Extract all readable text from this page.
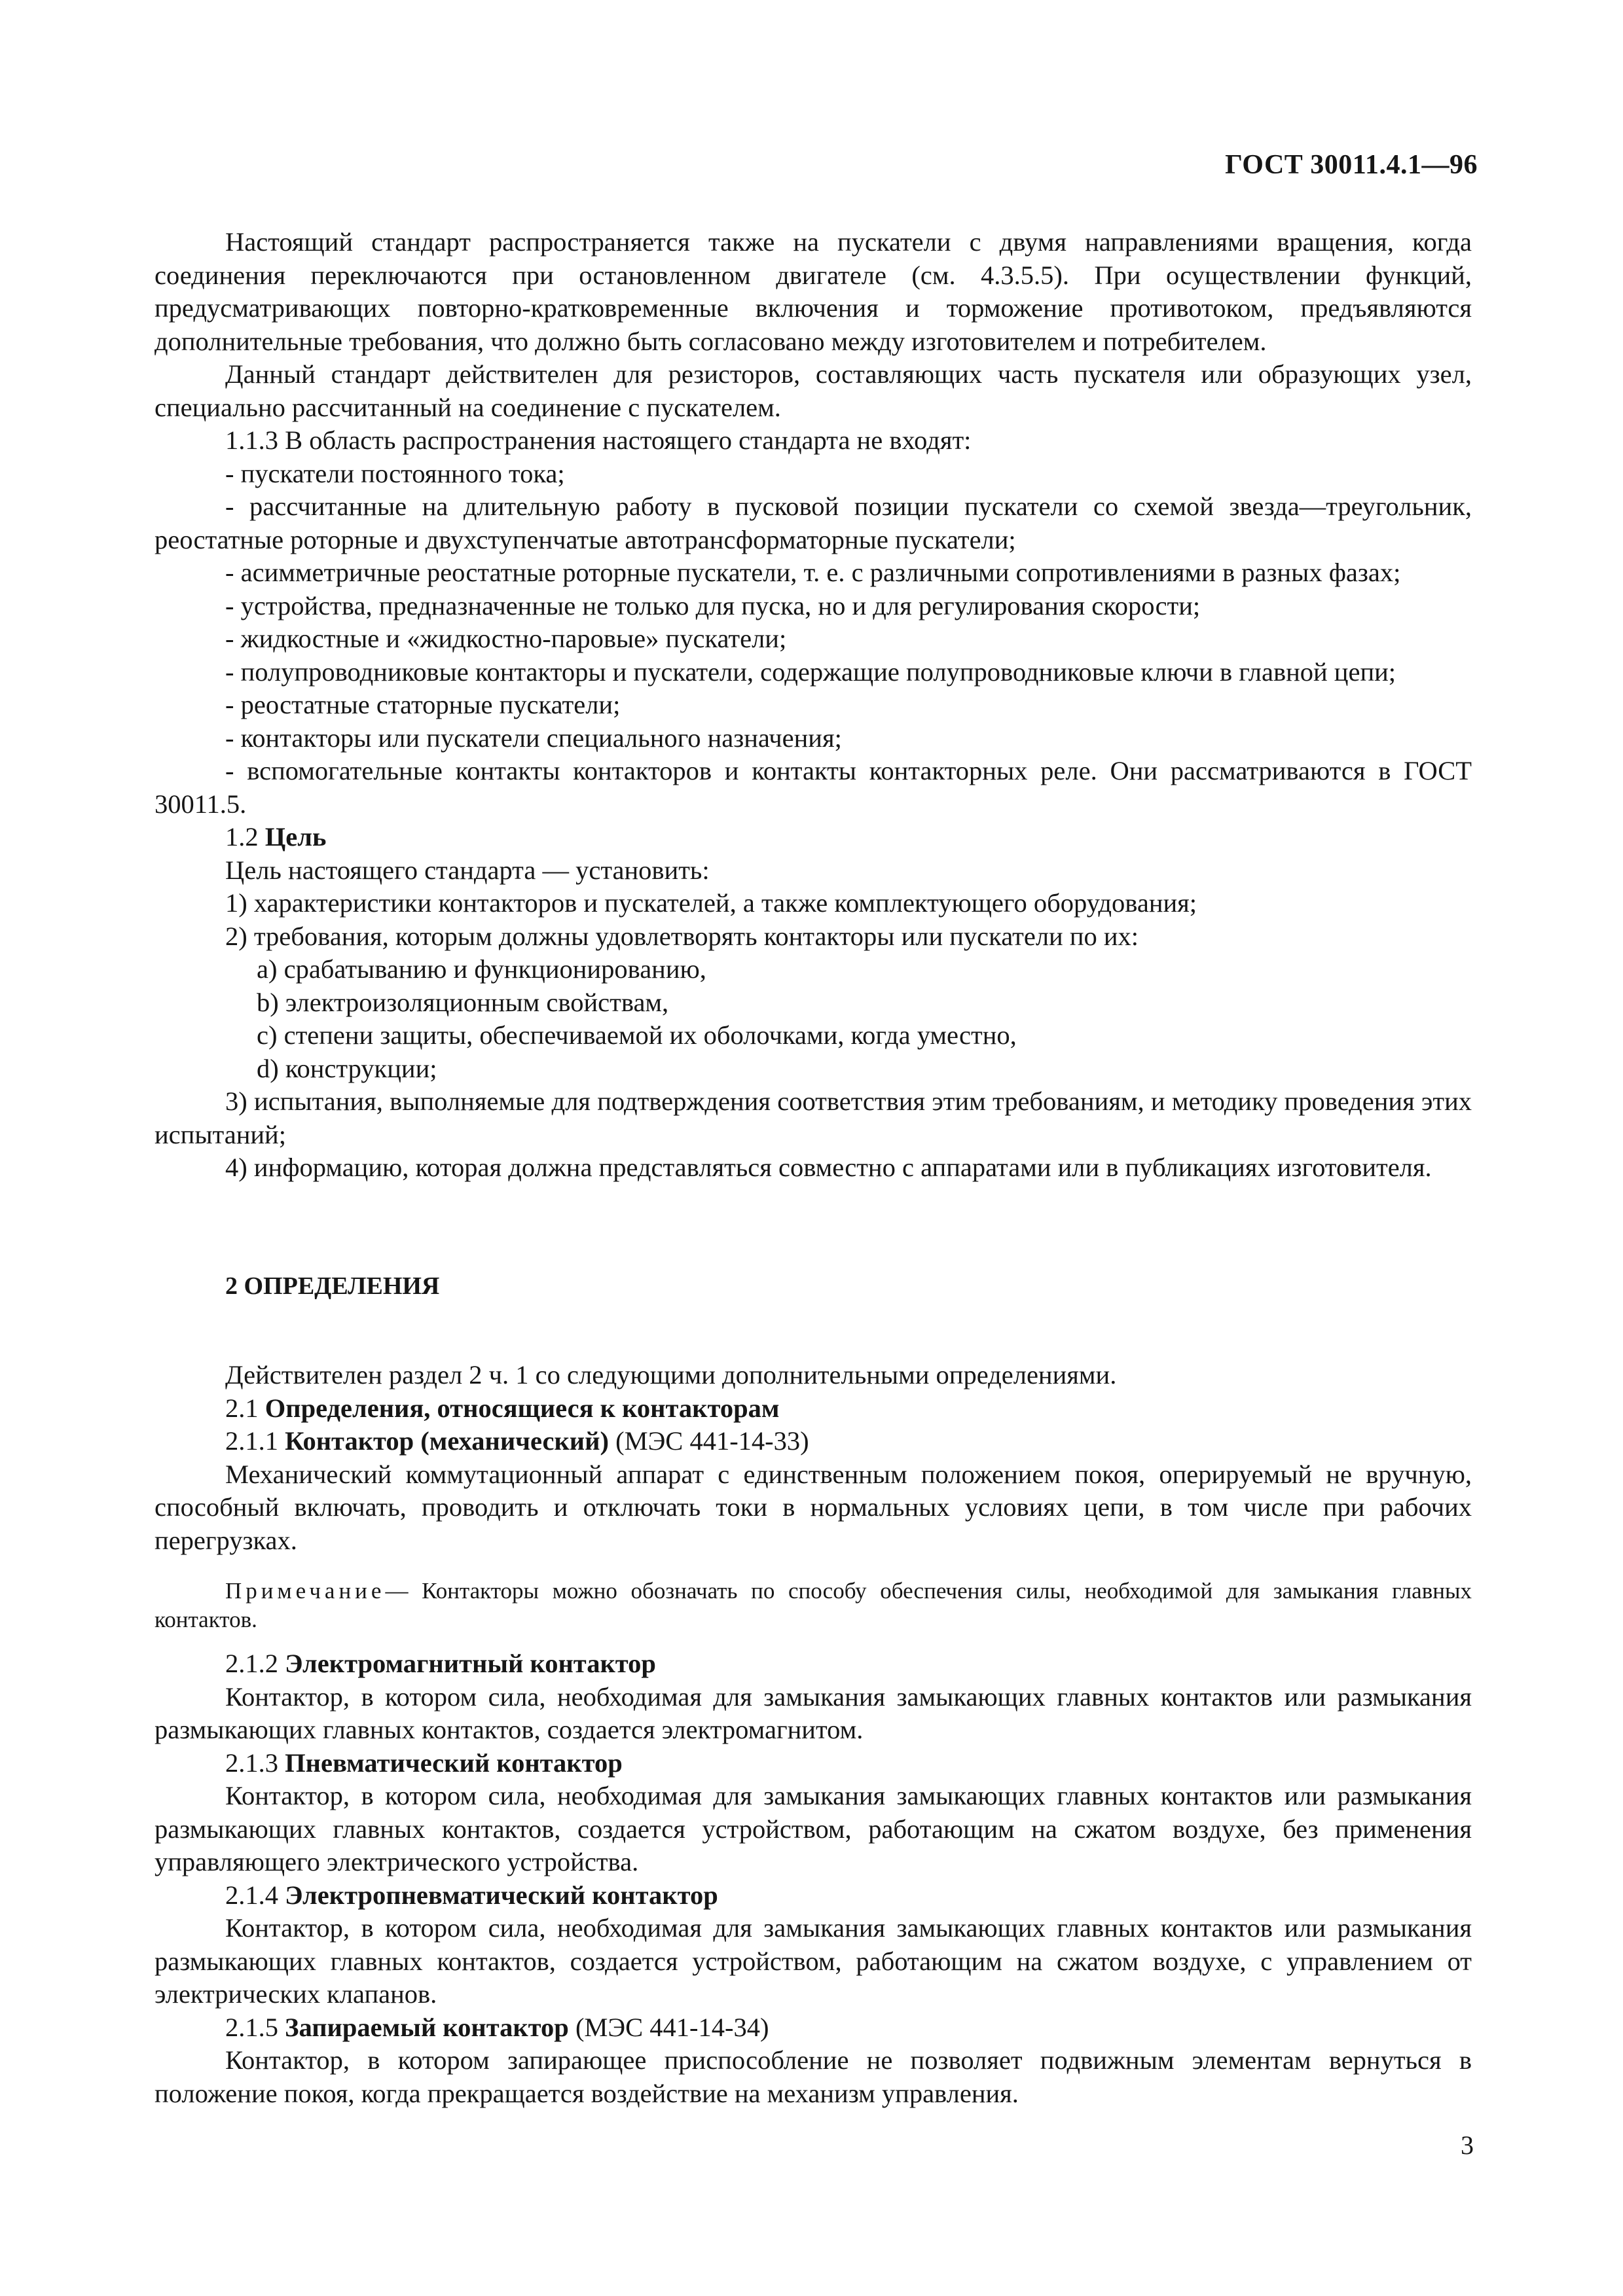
ГОСТ 30011.4.1—96

Настоящий стандарт распространяется также на пускатели с двумя направлениями вращения, когда соединения переключаются при остановленном двигателе (см. 4.3.5.5). При осуществлении функций, предусматривающих повторно-кратковременные включения и торможение противотоком, предъявляются дополнительные требования, что должно быть согласовано между изготовителем и потребителем.

Данный стандарт действителен для резисторов, составляющих часть пускателя или образующих узел, специально рассчитанный на соединение с пускателем.

1.1.3 В область распространения настоящего стандарта не входят:

- пускатели постоянного тока;

- рассчитанные на длительную работу в пусковой позиции пускатели со схемой звезда—треугольник, реостатные роторные и двухступенчатые автотрансформаторные пускатели;

- асимметричные реостатные роторные пускатели, т. е. с различными сопротивлениями в разных фазах;

- устройства, предназначенные не только для пуска, но и для регулирования скорости;

- жидкостные и «жидкостно-паровые» пускатели;

- полупроводниковые контакторы и пускатели, содержащие полупроводниковые ключи в главной цепи;

- реостатные статорные пускатели;

- контакторы или пускатели специального назначения;

- вспомогательные контакты контакторов и контакты контакторных реле. Они рассматриваются в ГОСТ 30011.5.

1.2 Цель

Цель настоящего стандарта — установить:

1) характеристики контакторов и пускателей, а также комплектующего оборудования;

2) требования, которым должны удовлетворять контакторы или пускатели по их:

a) срабатыванию и функционированию,

b) электроизоляционным свойствам,

c) степени защиты, обеспечиваемой их оболочками, когда уместно,

d) конструкции;

3) испытания, выполняемые для подтверждения соответствия этим требованиям, и методику проведения этих испытаний;

4) информацию, которая должна представляться совместно с аппаратами или в публикациях изготовителя.

2 ОПРЕДЕЛЕНИЯ

Действителен раздел 2 ч. 1 со следующими дополнительными определениями.

2.1 Определения, относящиеся к контакторам

2.1.1 Контактор (механический) (МЭС 441-14-33)

Механический коммутационный аппарат с единственным положением покоя, оперируемый не вручную, способный включать, проводить и отключать токи в нормальных условиях цепи, в том числе при рабочих перегрузках.

Примечание— Контакторы можно обозначать по способу обеспечения силы, необходимой для замыкания главных контактов.

2.1.2 Электромагнитный контактор

Контактор, в котором сила, необходимая для замыкания замыкающих главных контактов или размыкания размыкающих главных контактов, создается электромагнитом.

2.1.3 Пневматический контактор

Контактор, в котором сила, необходимая для замыкания замыкающих главных контактов или размыкания размыкающих главных контактов, создается устройством, работающим на сжатом воздухе, без применения управляющего электрического устройства.

2.1.4 Электропневматический контактор

Контактор, в котором сила, необходимая для замыкания замыкающих главных контактов или размыкания размыкающих главных контактов, создается устройством, работающим на сжатом воздухе, с управлением от электрических клапанов.

2.1.5 Запираемый контактор (МЭС 441-14-34)

Контактор, в котором запирающее приспособление не позволяет подвижным элементам вернуться в положение покоя, когда прекращается воздействие на механизм управления.

3
